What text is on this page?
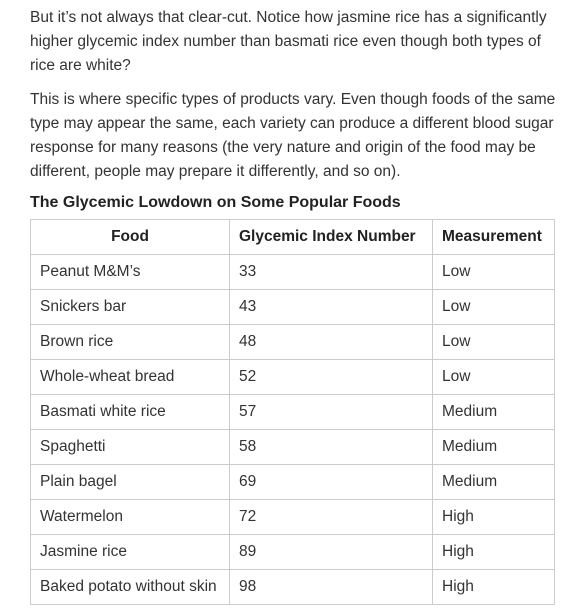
But it’s not always that clear-cut. Notice how jasmine rice has a significantly higher glycemic index number than basmati rice even though both types of rice are white?

This is where specific types of products vary. Even though foods of the same type may appear the same, each variety can produce a different blood sugar response for many reasons (the very nature and origin of the food may be different, people may prepare it differently, and so on).

The Glycemic Lowdown on Some Popular Foods
Food	Glycemic Index Number	Measurement
Peanut M&M’s	33	Low
Snickers bar	43	Low
Brown rice	48	Low
Whole-wheat bread	52	Low
Basmati white rice	57	Medium
Spaghetti	58	Medium
Plain bagel	69	Medium
Watermelon	72	High
Jasmine rice	89	High
Baked potato without skin	98	High
